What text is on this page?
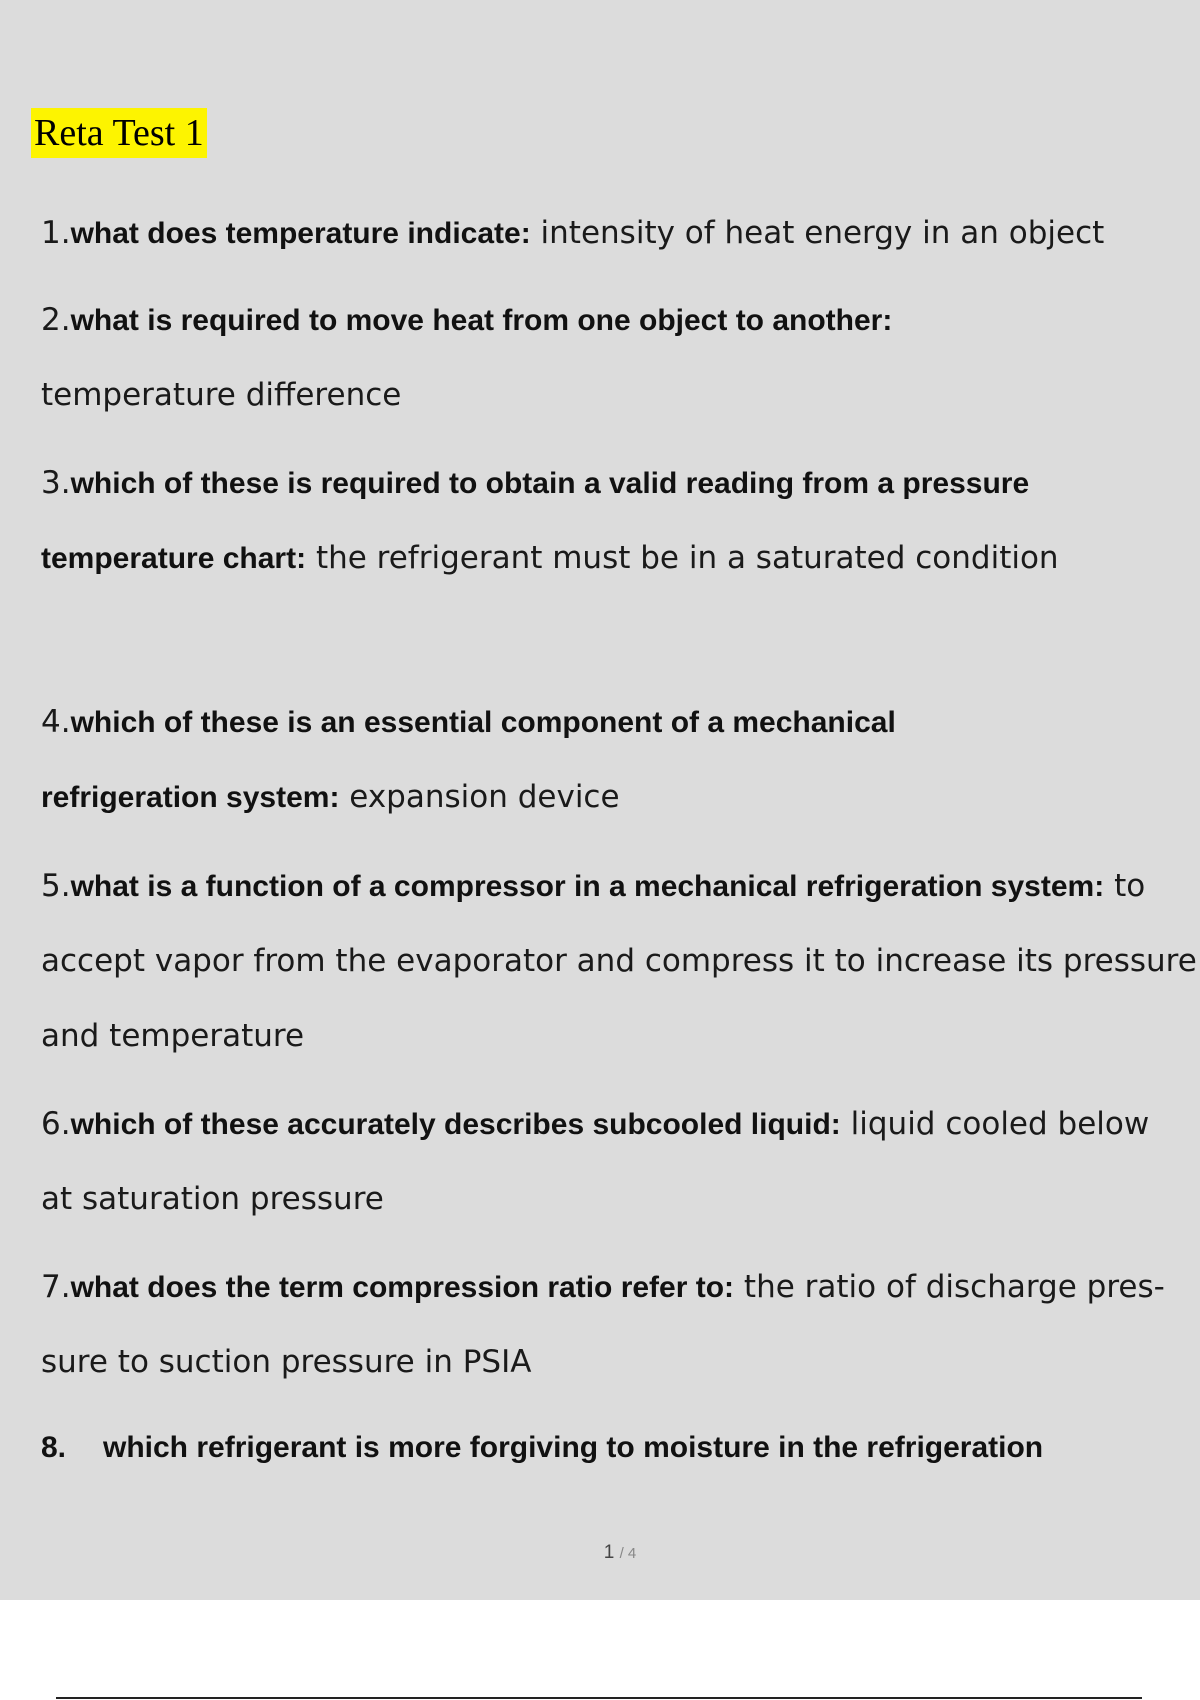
Reta Test 1
1.what does temperature indicate: intensity of heat energy in an object
2.what is required to move heat from one object to another: temperature difference
3.which of these is required to obtain a valid reading from a pressure temperature chart: the refrigerant must be in a saturated condition
4.which of these is an essential component of a mechanical refrigeration system: expansion device
5.what is a function of a compressor in a mechanical refrigeration system: to accept vapor from the evaporator and compress it to increase its pressure and temperature
6.which of these accurately describes subcooled liquid: liquid cooled below at saturation pressure
7.what does the term compression ratio refer to: the ratio of discharge pres- sure to suction pressure in PSIA
8. which refrigerant is more forgiving to moisture in the refrigeration
1 / 4
